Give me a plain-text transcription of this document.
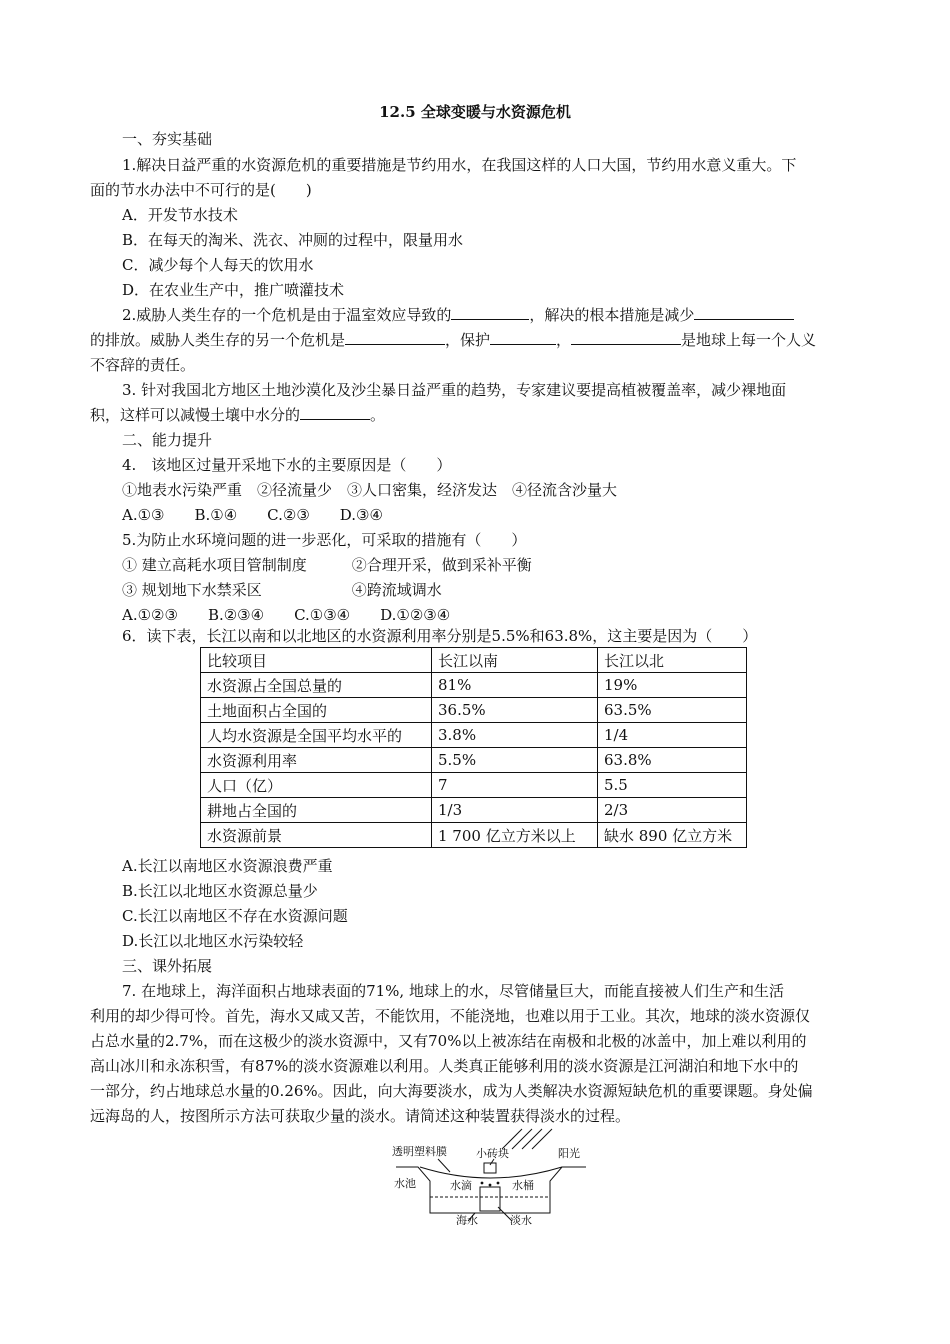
12.5 全球变暖与水资源危机
一、夯实基础
1.解决日益严重的水资源危机的重要措施是节约用水，在我国这样的人口大国，节约用水意义重大。下
面的节水办法中不可行的是(　　)
A．开发节水技术
B．在每天的淘米、洗衣、冲厕的过程中，限量用水
C．减少每个人每天的饮用水
D．在农业生产中，推广喷灌技术
2.威胁人类生存的一个危机是由于温室效应导致的	，解决的根本措施是减少
的排放。威胁人类生存的另一个危机是	，保护	，	是地球上每一个人义
不容辞的责任。
3. 针对我国北方地区土地沙漠化及沙尘暴日益严重的趋势，专家建议要提高植被覆盖率，减少裸地面
积，这样可以减慢土壤中水分的	。
二、能力提升
4.　该地区过量开采地下水的主要原因是（　　）
①地表水污染严重　②径流量少　③人口密集，经济发达　④径流含沙量大
A.①③　　B.①④　　C.②③　　D.③④
5.为防止水环境问题的进一步恶化，可采取的措施有（　　）
① 建立高耗水项目管制制度　　　②合理开采，做到采补平衡
③ 规划地下水禁采区　　　　　　④跨流域调水
A.①②③　　B.②③④　　C.①③④　　D.①②③④
6．读下表，长江以南和以北地区的水资源利用率分别是5.5%和63.8%，这主要是因为（　　）
比较项目	长江以南	长江以北
水资源占全国总量的	81%	19%
土地面积占全国的	36.5%	63.5%
人均水资源是全国平均水平的	3.8%	1/4
水资源利用率	5.5%	63.8%
人口（亿）	7	5.5
耕地占全国的	1/3	2/3
水资源前景	1 700 亿立方米以上	缺水 890 亿立方米
A.长江以南地区水资源浪费严重
B.长江以北地区水资源总量少
C.长江以南地区不存在水资源问题
D.长江以北地区水污染较轻
三、课外拓展
7. 在地球上，海洋面积占地球表面的71%, 地球上的水，尽管储量巨大，而能直接被人们生产和生活
利用的却少得可怜。首先，海水又咸又苦，不能饮用，不能浇地，也难以用于工业。其次，地球的淡水资源仅
占总水量的2.7%，而在这极少的淡水资源中，又有70%以上被冻结在南极和北极的冰盖中，加上难以利用的
高山冰川和永冻积雪，有87%的淡水资源难以利用。人类真正能够利用的淡水资源是江河湖泊和地下水中的
一部分，约占地球总水量的0.26%。因此，向大海要淡水，成为人类解决水资源短缺危机的重要课题。身处偏
远海岛的人，按图所示方法可获取少量的淡水。请简述这种装置获得淡水的过程。
透明塑料膜	小砖块	阳光
水池	水滴	水桶
海水	淡水
